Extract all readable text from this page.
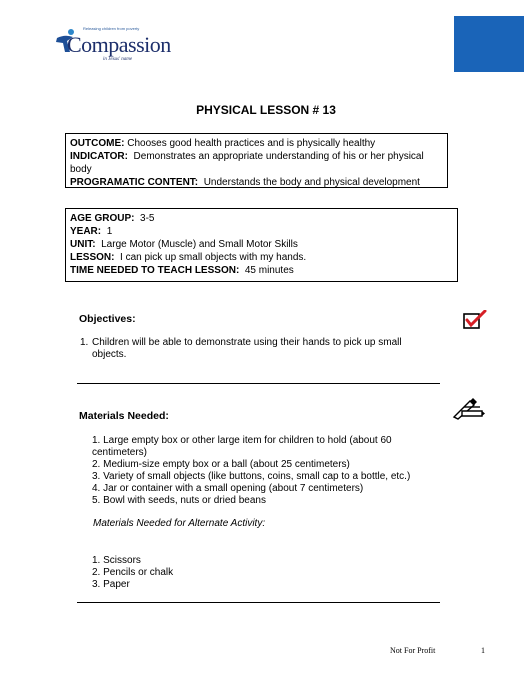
Releasing children from poverty
Compassion
in Jesus' name
PHYSICAL LESSON # 13
OUTCOME: Chooses good health practices and is physically healthy
INDICATOR: Demonstrates an appropriate understanding of his or her physical body
PROGRAMATIC CONTENT: Understands the body and physical development
AGE GROUP: 3-5
YEAR: 1
UNIT: Large Motor (Muscle) and Small Motor Skills
LESSON: I can pick up small objects with my hands.
TIME NEEDED TO TEACH LESSON: 45 minutes
Objectives:
1. Children will be able to demonstrate using their hands to pick up small objects.
Materials Needed:
1. Large empty box or other large item for children to hold (about 60 centimeters)
2. Medium-size empty box or a ball (about 25 centimeters)
3. Variety of small objects (like buttons, coins, small cap to a bottle, etc.)
4. Jar or container with a small opening (about 7 centimeters)
5. Bowl with seeds, nuts or dried beans
Materials Needed for Alternate Activity:
1. Scissors
2. Pencils or chalk
3. Paper
Not For Profit	1
